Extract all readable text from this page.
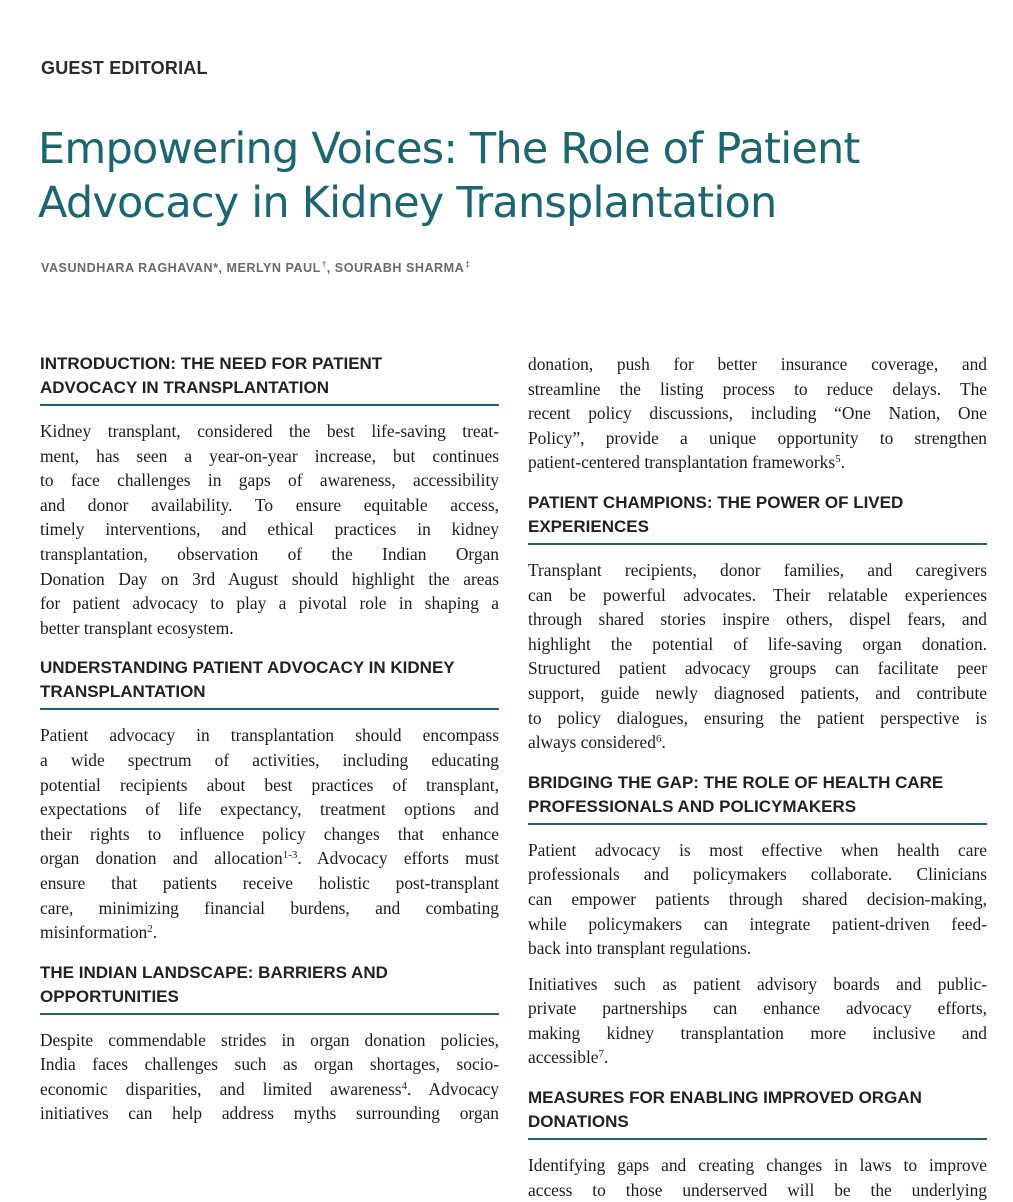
GUEST EDITORIAL
Empowering Voices: The Role of Patient
Advocacy in Kidney Transplantation
VASUNDHARA RAGHAVAN*, MERLYN PAUL†, SOURABH SHARMA‡
INTRODUCTION: THE NEED FOR PATIENT
ADVOCACY IN TRANSPLANTATION

Kidney transplant, considered the best life-saving treat-
ment, has seen a year-on-year increase, but continues
to face challenges in gaps of awareness, accessibility
and donor availability. To ensure equitable access,
timely interventions, and ethical practices in kidney
transplantation, observation of the Indian Organ
Donation Day on 3rd August should highlight the areas
for patient advocacy to play a pivotal role in shaping a
better transplant ecosystem.

UNDERSTANDING PATIENT ADVOCACY IN KIDNEY
TRANSPLANTATION

Patient advocacy in transplantation should encompass
a wide spectrum of activities, including educating
potential recipients about best practices of transplant,
expectations of life expectancy, treatment options and
their rights to influence policy changes that enhance
organ donation and allocation$^{1-3}$. Advocacy efforts must
ensure that patients receive holistic post-transplant
care, minimizing financial burdens, and combating
misinformation$^2$.

THE INDIAN LANDSCAPE: BARRIERS AND
OPPORTUNITIES

Despite commendable strides in organ donation policies,
India faces challenges such as organ shortages, socio-
economic disparities, and limited awareness$^4$. Advocacy
initiatives can help address myths surrounding organ

donation, push for better insurance coverage, and
streamline the listing process to reduce delays. The
recent policy discussions, including “One Nation, One
Policy”, provide a unique opportunity to strengthen
patient-centered transplantation frameworks$^5$.

PATIENT CHAMPIONS: THE POWER OF LIVED
EXPERIENCES

Transplant recipients, donor families, and caregivers
can be powerful advocates. Their relatable experiences
through shared stories inspire others, dispel fears, and
highlight the potential of life-saving organ donation.
Structured patient advocacy groups can facilitate peer
support, guide newly diagnosed patients, and contribute
to policy dialogues, ensuring the patient perspective is
always considered$^6$.

BRIDGING THE GAP: THE ROLE OF HEALTH CARE
PROFESSIONALS AND POLICYMAKERS

Patient advocacy is most effective when health care
professionals and policymakers collaborate. Clinicians
can empower patients through shared decision-making,
while policymakers can integrate patient-driven feed-
back into transplant regulations.

Initiatives such as patient advisory boards and public-
private partnerships can enhance advocacy efforts,
making kidney transplantation more inclusive and
accessible$^7$.

MEASURES FOR ENABLING IMPROVED ORGAN
DONATIONS

Identifying gaps and creating changes in laws to improve
access to those underserved will be the underlying
